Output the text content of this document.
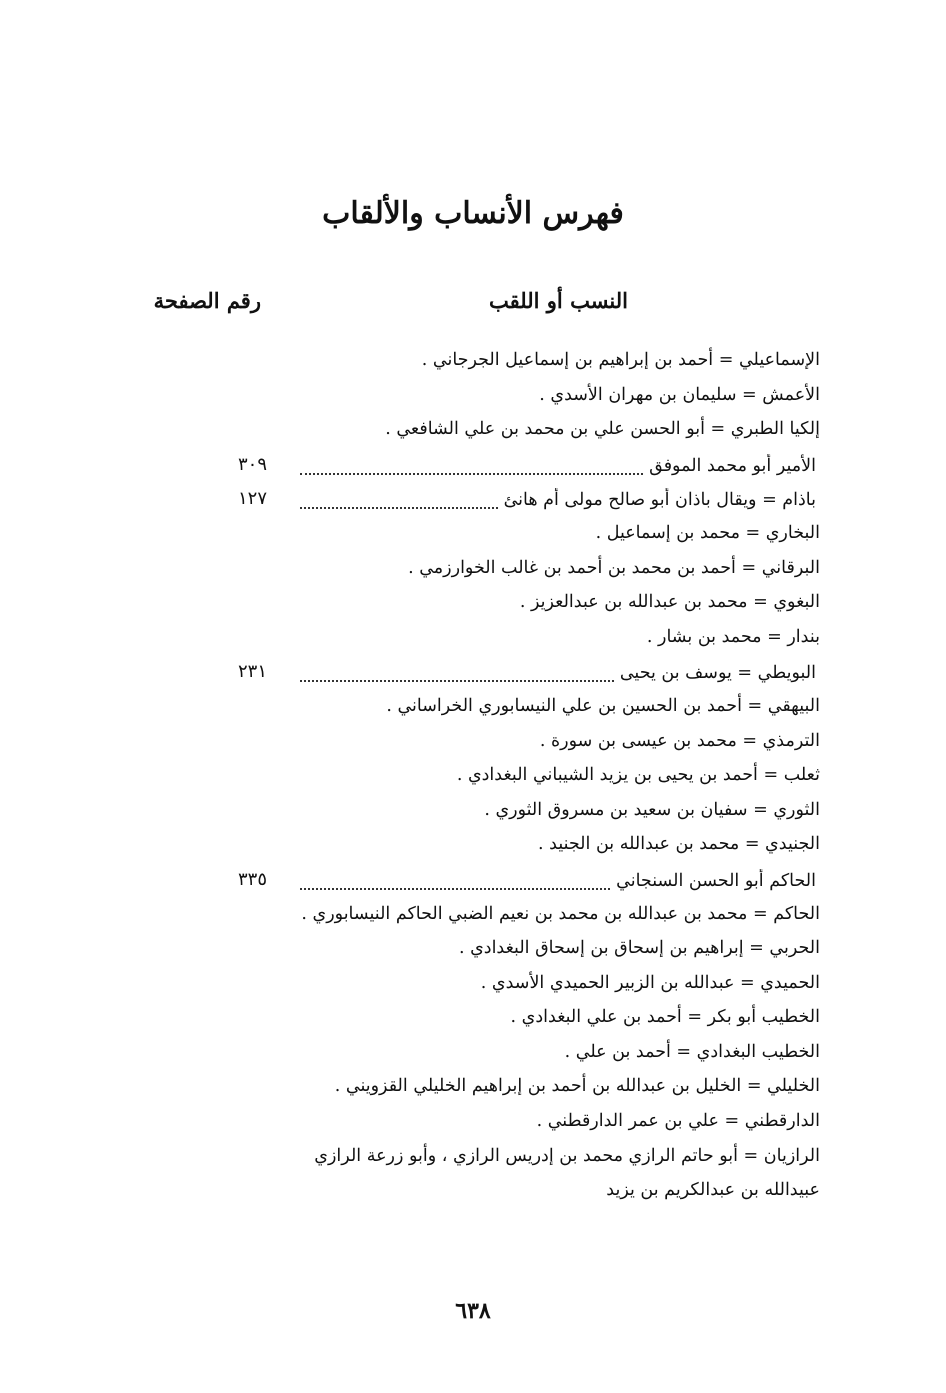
فهرس الأنساب والألقاب
النسب أو اللقب
رقم الصفحة
الإسماعيلي = أحمد بن إبراهيم بن إسماعيل الجرجاني .
الأعمش = سليمان بن مهران الأسدي .
إلكيا الطبري = أبو الحسن علي بن محمد بن علي الشافعي .
الأمير أبو محمد الموفق
٣٠٩
باذام = ويقال باذان أبو صالح مولى أم هانئ
١٢٧
البخاري = محمد بن إسماعيل .
البرقاني = أحمد بن محمد بن أحمد بن غالب الخوارزمي .
البغوي = محمد بن عبدالله بن عبدالعزيز .
بندار = محمد بن بشار .
البويطي = يوسف بن يحيى
٢٣١
البيهقي = أحمد بن الحسين بن علي النيسابوري الخراساني .
الترمذي = محمد بن عيسى بن سورة .
ثعلب = أحمد بن يحيى بن يزيد الشيباني البغدادي .
الثوري = سفيان بن سعيد بن مسروق الثوري .
الجنيدي = محمد بن عبدالله بن الجنيد .
الحاكم أبو الحسن السنجاني
٣٣٥
الحاكم = محمد بن عبدالله بن محمد بن نعيم الضبي الحاكم النيسابوري .
الحربي = إبراهيم بن إسحاق بن إسحاق البغدادي .
الحميدي = عبدالله بن الزبير الحميدي الأسدي .
الخطيب أبو بكر = أحمد بن علي البغدادي .
الخطيب البغدادي = أحمد بن علي .
الخليلي = الخليل بن عبدالله بن أحمد بن إبراهيم الخليلي القزويني .
الدارقطني = علي بن عمر الدارقطني .
الرازيان = أبو حاتم الرازي محمد بن إدريس الرازي ، وأبو زرعة الرازي
عبيدالله بن عبدالكريم بن يزيد
٦٣٨
